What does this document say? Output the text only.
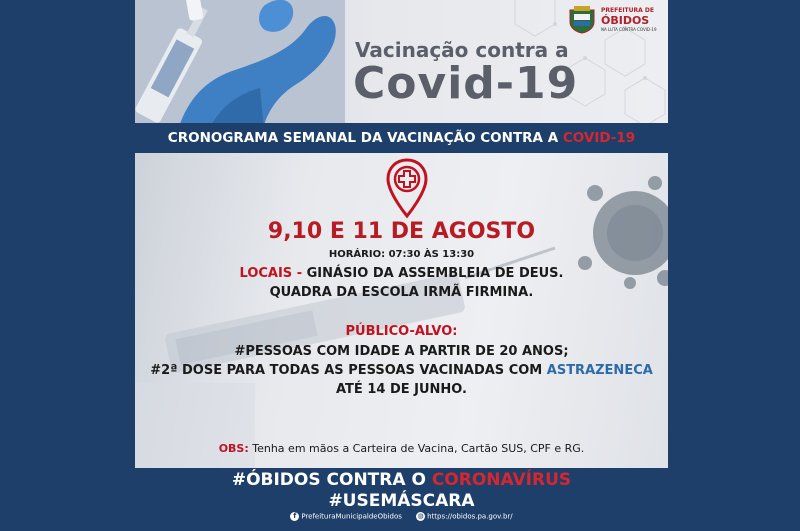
Vacinação contra a
Covid-19
PREFEITURA DE
ÓBIDOS
NA LUTA CONTRA COVID-19
CRONOGRAMA SEMANAL DA VACINAÇÃO CONTRA A COVID-19
9,10 E 11 DE AGOSTO
HORÁRIO: 07:30 ÀS 13:30
LOCAIS - GINÁSIO DA ASSEMBLEIA DE DEUS.
QUADRA DA ESCOLA IRMÃ FIRMINA.
PÚBLICO-ALVO:
#PESSOAS COM IDADE A PARTIR DE 20 ANOS;
#2ª DOSE PARA TODAS AS PESSOAS VACINADAS COM ASTRAZENECA
ATÉ 14 DE JUNHO.
OBS: Tenha em mãos a Carteira de Vacina, Cartão SUS, CPF e RG.
#ÓBIDOS CONTRA O CORONAVÍRUS
#USEMÁSCARA
f PrefeituraMunicipaldeObidos ◍ https://obidos.pa.gov.br/
